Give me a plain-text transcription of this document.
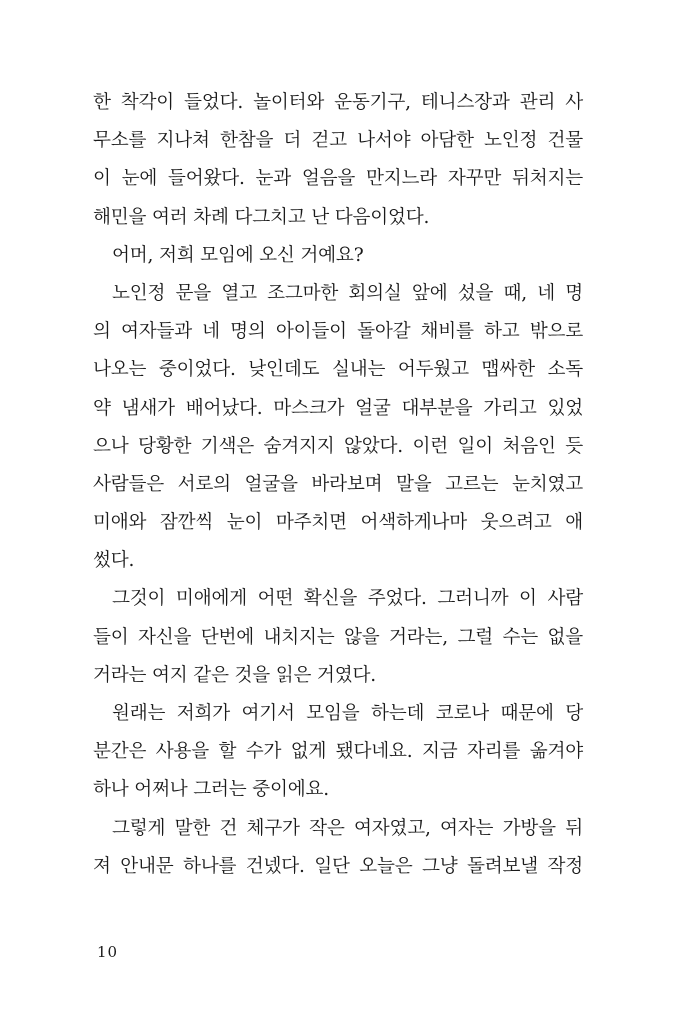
한 착각이 들었다. 놀이터와 운동기구, 테니스장과 관리 사
무소를 지나쳐 한참을 더 걷고 나서야 아담한 노인정 건물
이 눈에 들어왔다. 눈과 얼음을 만지느라 자꾸만 뒤처지는
해민을 여러 차례 다그치고 난 다음이었다.
어머, 저희 모임에 오신 거예요?
노인정 문을 열고 조그마한 회의실 앞에 섰을 때, 네 명
의 여자들과 네 명의 아이들이 돌아갈 채비를 하고 밖으로
나오는 중이었다. 낮인데도 실내는 어두웠고 맵싸한 소독
약 냄새가 배어났다. 마스크가 얼굴 대부분을 가리고 있었
으나 당황한 기색은 숨겨지지 않았다. 이런 일이 처음인 듯
사람들은 서로의 얼굴을 바라보며 말을 고르는 눈치였고
미애와 잠깐씩 눈이 마주치면 어색하게나마 웃으려고 애
썼다.
그것이 미애에게 어떤 확신을 주었다. 그러니까 이 사람
들이 자신을 단번에 내치지는 않을 거라는, 그럴 수는 없을
거라는 여지 같은 것을 읽은 거였다.
원래는 저희가 여기서 모임을 하는데 코로나 때문에 당
분간은 사용을 할 수가 없게 됐다네요. 지금 자리를 옮겨야
하나 어쩌나 그러는 중이에요.
그렇게 말한 건 체구가 작은 여자였고, 여자는 가방을 뒤
져 안내문 하나를 건넸다. 일단 오늘은 그냥 돌려보낼 작정
10
